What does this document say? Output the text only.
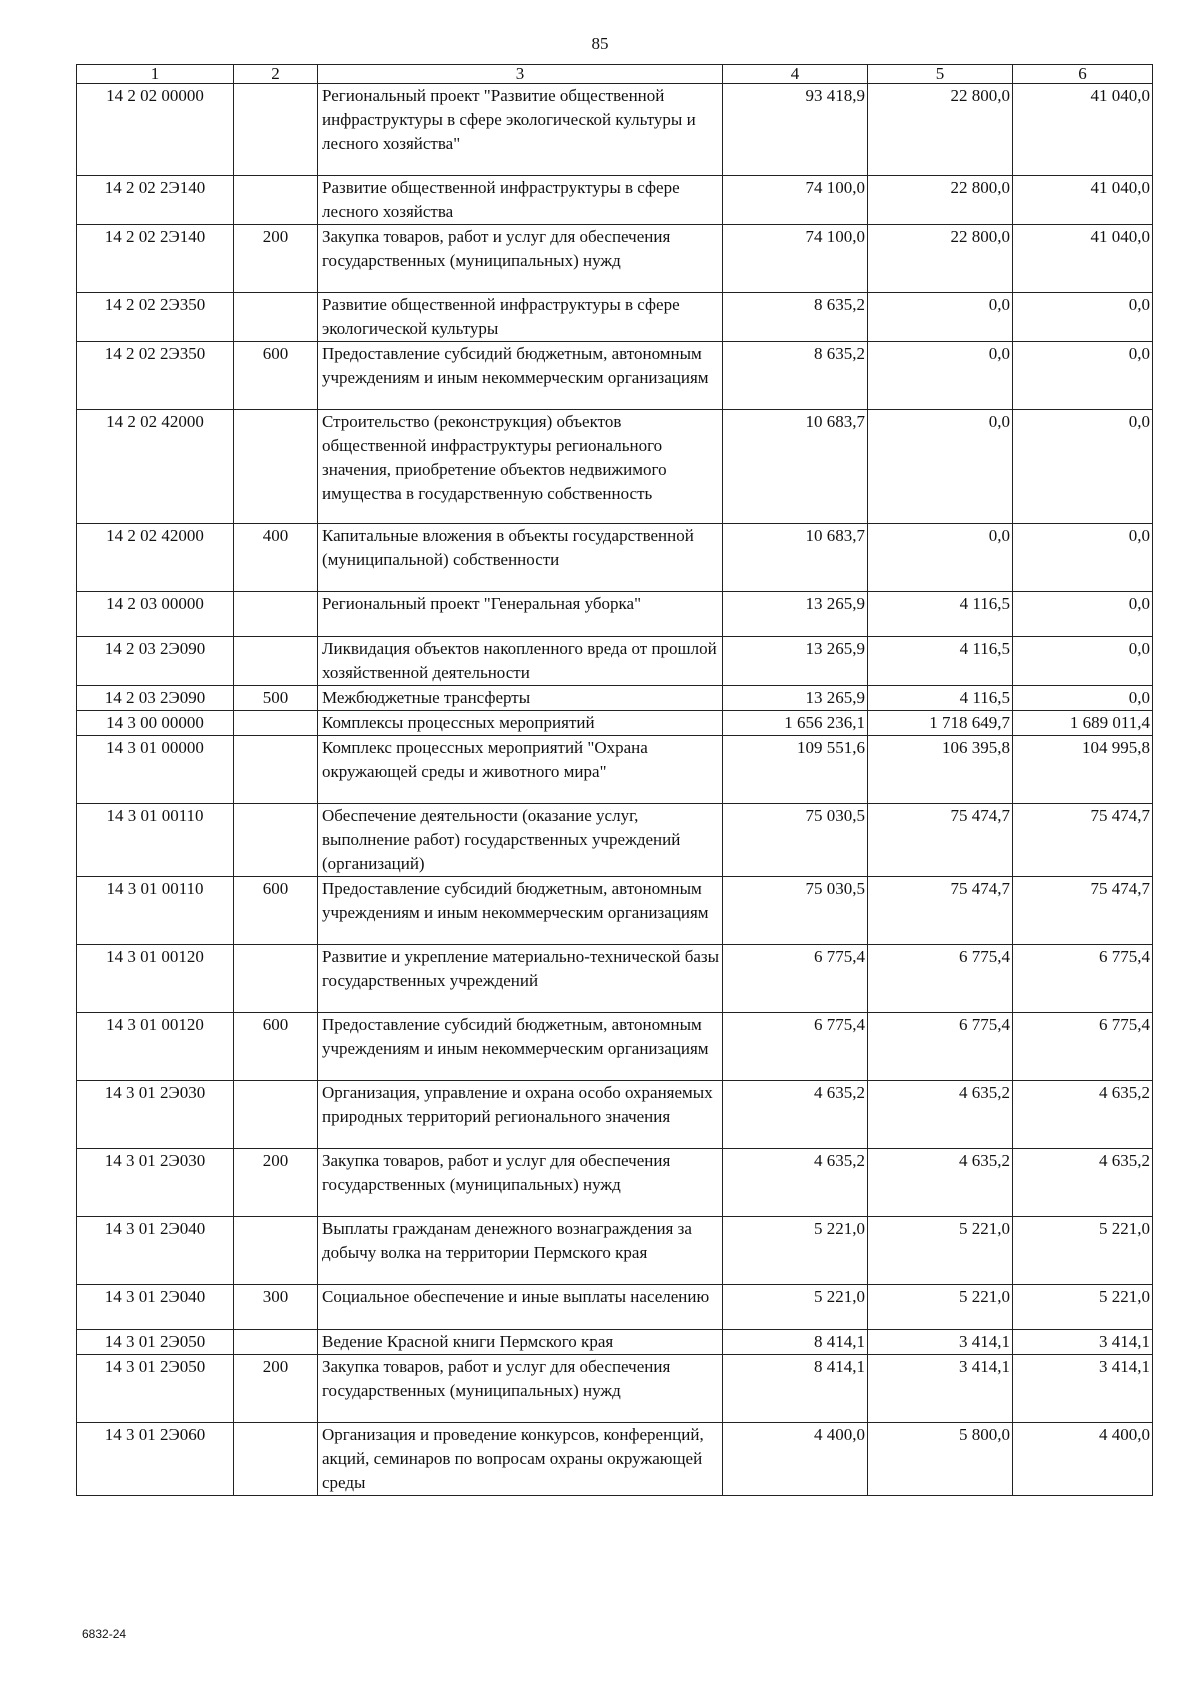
85
1	2	3	4	5	6
14 2 02 00000		Региональный проект "Развитие общественной инфраструктуры в сфере экологической культуры и лесного хозяйства"	93 418,9	22 800,0	41 040,0
14 2 02 2Э140		Развитие общественной инфраструктуры в сфере лесного хозяйства	74 100,0	22 800,0	41 040,0
14 2 02 2Э140	200	Закупка товаров, работ и услуг для обеспечения государственных (муниципальных) нужд	74 100,0	22 800,0	41 040,0
14 2 02 2Э350		Развитие общественной инфраструктуры в сфере экологической культуры	8 635,2	0,0	0,0
14 2 02 2Э350	600	Предоставление субсидий бюджетным, автономным учреждениям и иным некоммерческим организациям	8 635,2	0,0	0,0
14 2 02 42000		Строительство (реконструкция) объектов общественной инфраструктуры регионального значения, приобретение объектов недвижимого имущества в государственную собственность	10 683,7	0,0	0,0
14 2 02 42000	400	Капитальные вложения в объекты государственной (муниципальной) собственности	10 683,7	0,0	0,0
14 2 03 00000		Региональный проект "Генеральная уборка"	13 265,9	4 116,5	0,0
14 2 03 2Э090		Ликвидация объектов накопленного вреда от прошлой хозяйственной деятельности	13 265,9	4 116,5	0,0
14 2 03 2Э090	500	Межбюджетные трансферты	13 265,9	4 116,5	0,0
14 3 00 00000		Комплексы процессных мероприятий	1 656 236,1	1 718 649,7	1 689 011,4
14 3 01 00000		Комплекс процессных мероприятий "Охрана окружающей среды и животного мира"	109 551,6	106 395,8	104 995,8
14 3 01 00110		Обеспечение деятельности (оказание услуг, выполнение работ) государственных учреждений (организаций)	75 030,5	75 474,7	75 474,7
14 3 01 00110	600	Предоставление субсидий бюджетным, автономным учреждениям и иным некоммерческим организациям	75 030,5	75 474,7	75 474,7
14 3 01 00120		Развитие и укрепление материально-технической базы государственных учреждений	6 775,4	6 775,4	6 775,4
14 3 01 00120	600	Предоставление субсидий бюджетным, автономным учреждениям и иным некоммерческим организациям	6 775,4	6 775,4	6 775,4
14 3 01 2Э030		Организация, управление и охрана особо охраняемых природных территорий регионального значения	4 635,2	4 635,2	4 635,2
14 3 01 2Э030	200	Закупка товаров, работ и услуг для обеспечения государственных (муниципальных) нужд	4 635,2	4 635,2	4 635,2
14 3 01 2Э040		Выплаты гражданам денежного вознаграждения за добычу волка на территории Пермского края	5 221,0	5 221,0	5 221,0
14 3 01 2Э040	300	Социальное обеспечение и иные выплаты населению	5 221,0	5 221,0	5 221,0
14 3 01 2Э050		Ведение Красной книги Пермского края	8 414,1	3 414,1	3 414,1
14 3 01 2Э050	200	Закупка товаров, работ и услуг для обеспечения государственных (муниципальных) нужд	8 414,1	3 414,1	3 414,1
14 3 01 2Э060		Организация и проведение конкурсов, конференций, акций, семинаров по вопросам охраны окружающей среды	4 400,0	5 800,0	4 400,0
6832-24
